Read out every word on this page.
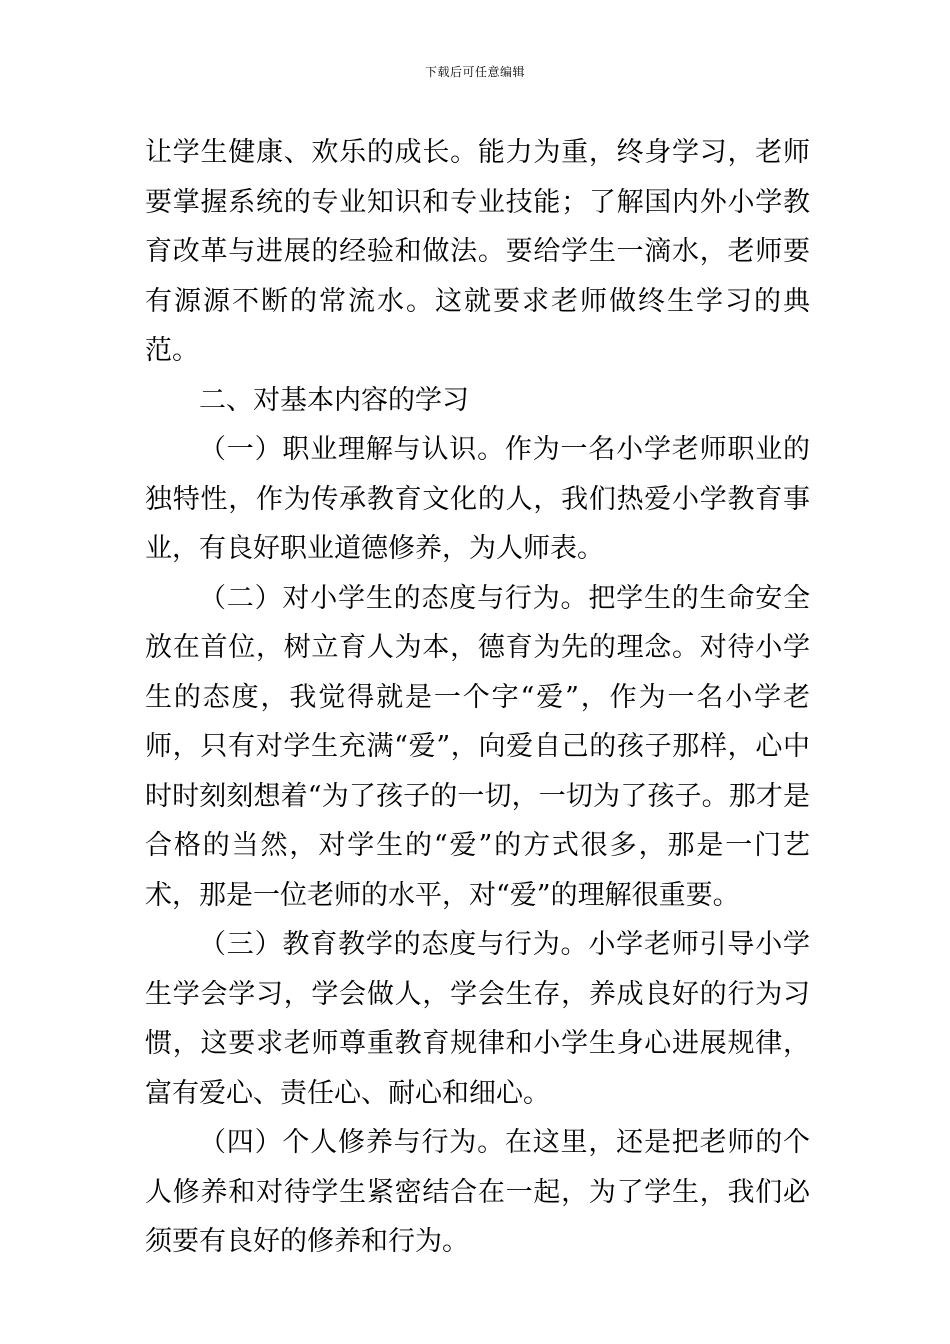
下载后可任意编辑

让学生健康、欢乐的成长。能力为重，终身学习，老师要掌握系统的专业知识和专业技能；了解国内外小学教育改革与进展的经验和做法。要给学生一滴水，老师要有源源不断的常流水。这就要求老师做终生学习的典范。

二、对基本内容的学习

（一）职业理解与认识。作为一名小学老师职业的独特性，作为传承教育文化的人，我们热爱小学教育事业，有良好职业道德修养，为人师表。

（二）对小学生的态度与行为。把学生的生命安全放在首位，树立育人为本，德育为先的理念。对待小学生的态度，我觉得就是一个字“爱”，作为一名小学老师，只有对学生充满“爱”，向爱自己的孩子那样，心中时时刻刻想着“为了孩子的一切，一切为了孩子。那才是合格的当然，对学生的“爱”的方式很多，那是一门艺术，那是一位老师的水平，对“爱”的理解很重要。

（三）教育教学的态度与行为。小学老师引导小学生学会学习，学会做人，学会生存，养成良好的行为习惯，这要求老师尊重教育规律和小学生身心进展规律，富有爱心、责任心、耐心和细心。

（四）个人修养与行为。在这里，还是把老师的个人修养和对待学生紧密结合在一起，为了学生，我们必须要有良好的修养和行为。
